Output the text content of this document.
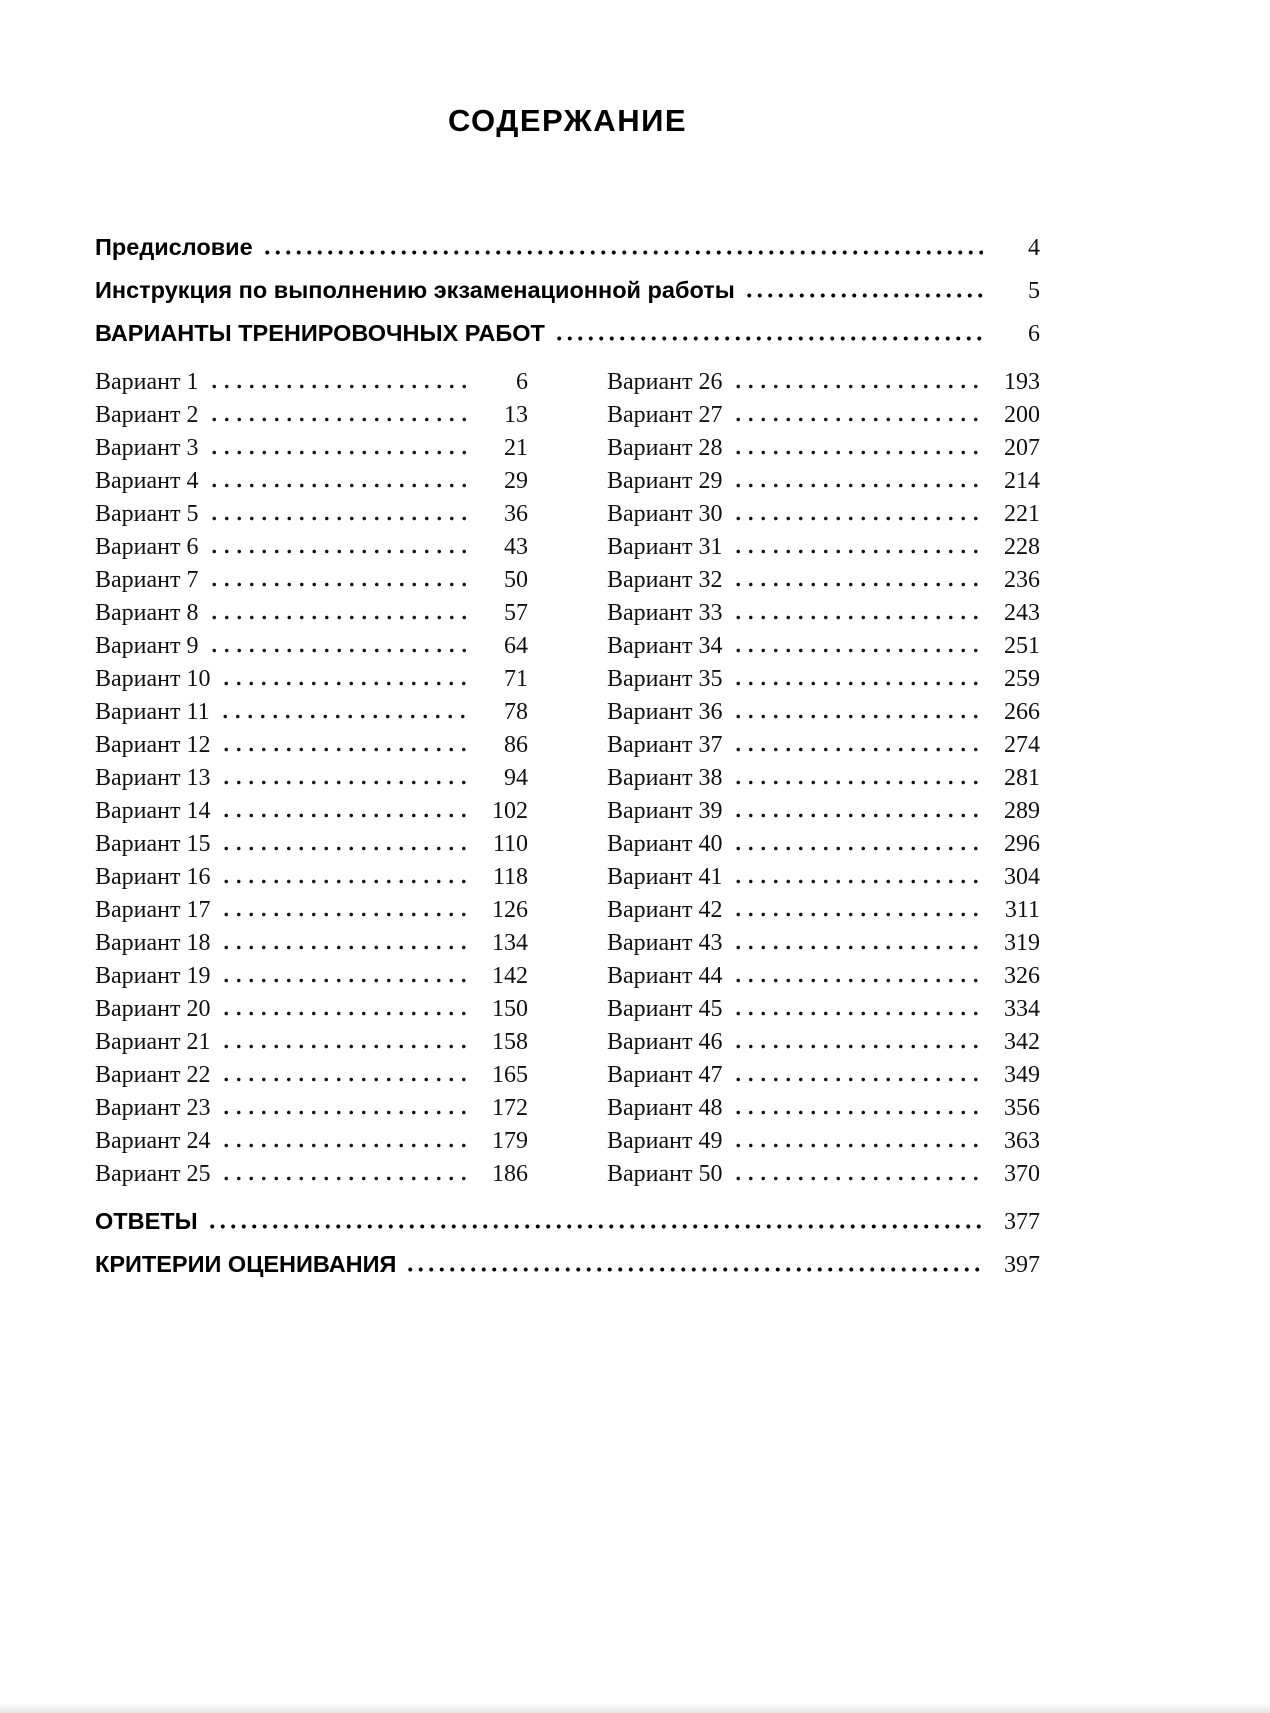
СОДЕРЖАНИЕ
Предисловие	4
Инструкция по выполнению экзаменационной работы	5
ВАРИАНТЫ ТРЕНИРОВОЧНЫХ РАБОТ	6
Вариант 1	6
Вариант 2	13
Вариант 3	21
Вариант 4	29
Вариант 5	36
Вариант 6	43
Вариант 7	50
Вариант 8	57
Вариант 9	64
Вариант 10	71
Вариант 11	78
Вариант 12	86
Вариант 13	94
Вариант 14	102
Вариант 15	110
Вариант 16	118
Вариант 17	126
Вариант 18	134
Вариант 19	142
Вариант 20	150
Вариант 21	158
Вариант 22	165
Вариант 23	172
Вариант 24	179
Вариант 25	186
Вариант 26	193
Вариант 27	200
Вариант 28	207
Вариант 29	214
Вариант 30	221
Вариант 31	228
Вариант 32	236
Вариант 33	243
Вариант 34	251
Вариант 35	259
Вариант 36	266
Вариант 37	274
Вариант 38	281
Вариант 39	289
Вариант 40	296
Вариант 41	304
Вариант 42	311
Вариант 43	319
Вариант 44	326
Вариант 45	334
Вариант 46	342
Вариант 47	349
Вариант 48	356
Вариант 49	363
Вариант 50	370
ОТВЕТЫ	377
КРИТЕРИИ ОЦЕНИВАНИЯ	397
